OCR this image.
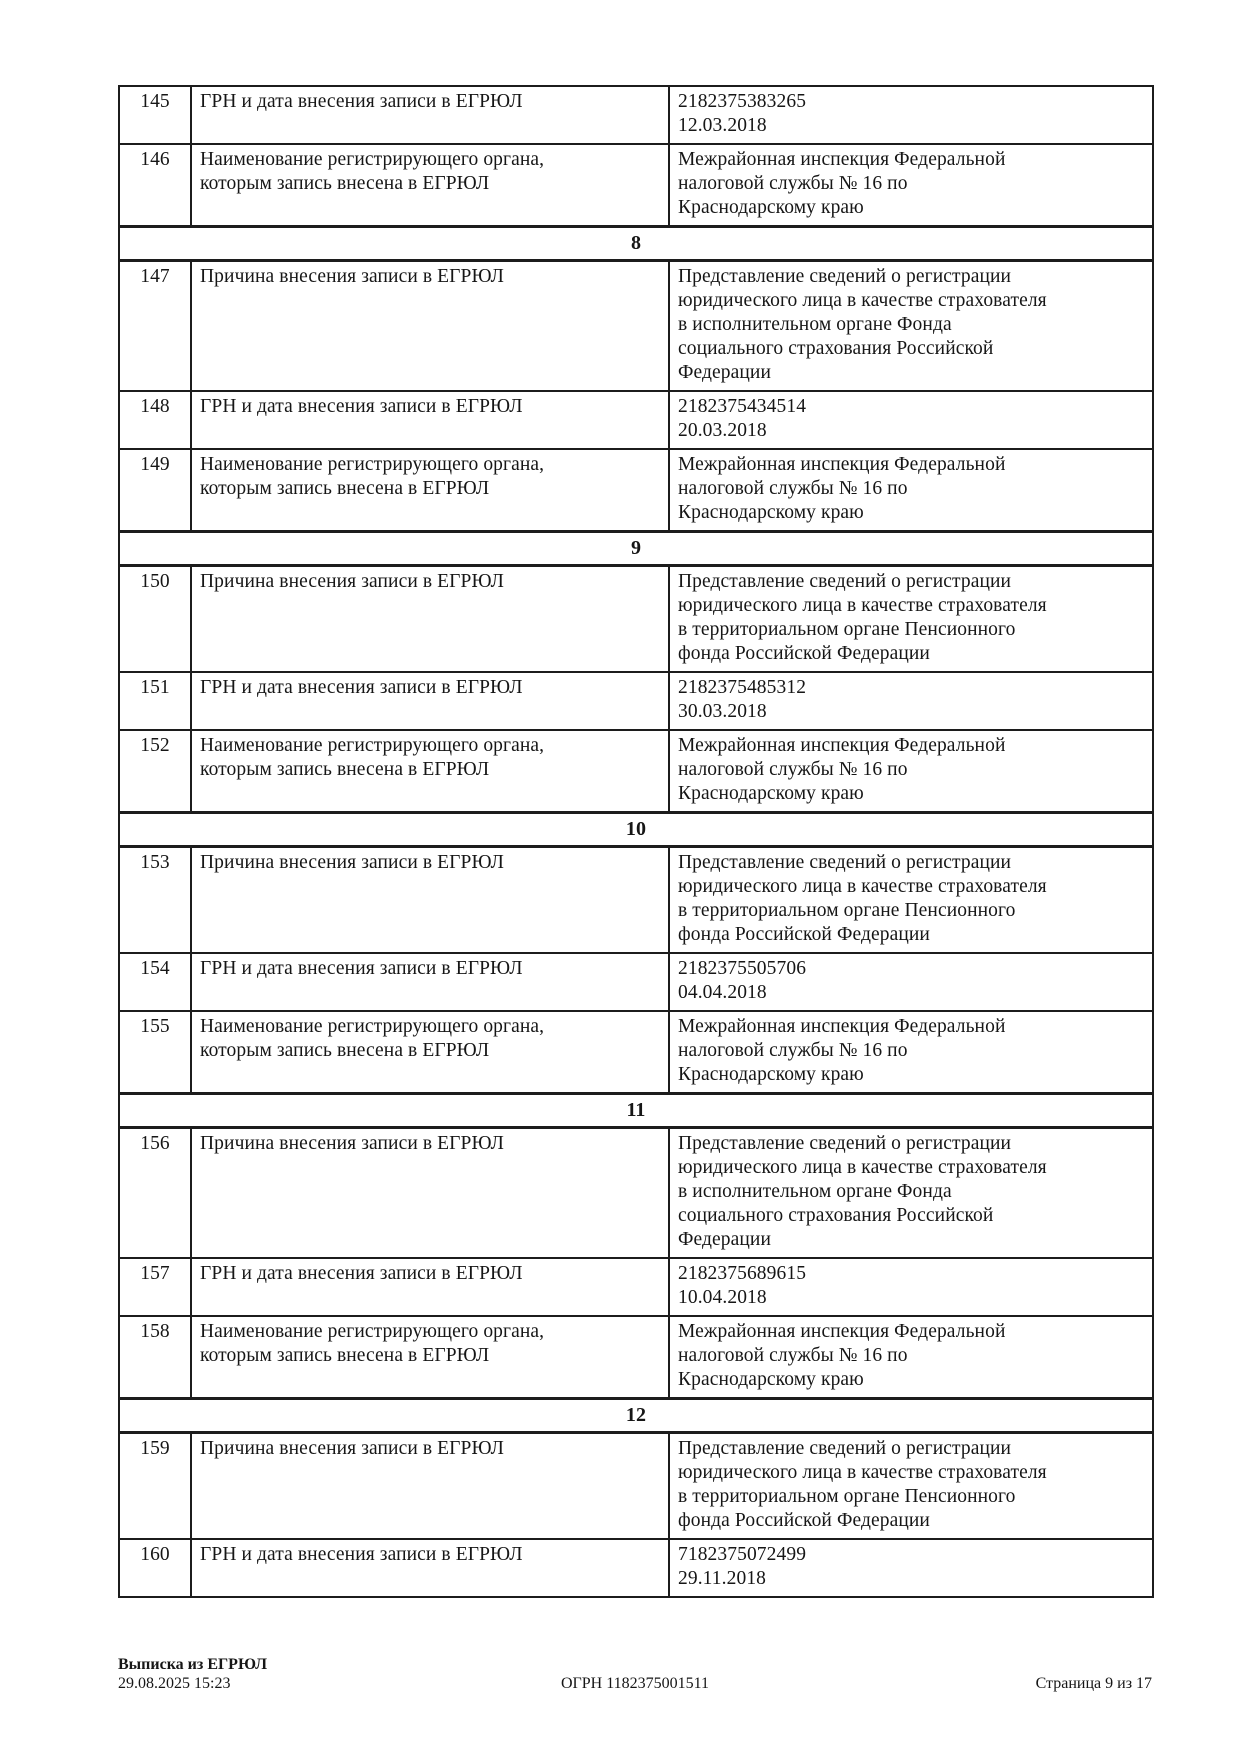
145	ГРН и дата внесения записи в ЕГРЮЛ	2182375383265
12.03.2018
146	Наименование регистрирующего органа,
которым запись внесена в ЕГРЮЛ	Межрайонная инспекция Федеральной
налоговой службы № 16 по
Краснодарскому краю
8		
147	Причина внесения записи в ЕГРЮЛ	Представление сведений о регистрации
юридического лица в качестве страхователя
в исполнительном органе Фонда
социального страхования Российской
Федерации
148	ГРН и дата внесения записи в ЕГРЮЛ	2182375434514
20.03.2018
149	Наименование регистрирующего органа,
которым запись внесена в ЕГРЮЛ	Межрайонная инспекция Федеральной
налоговой службы № 16 по
Краснодарскому краю
9		
150	Причина внесения записи в ЕГРЮЛ	Представление сведений о регистрации
юридического лица в качестве страхователя
в территориальном органе Пенсионного
фонда Российской Федерации
151	ГРН и дата внесения записи в ЕГРЮЛ	2182375485312
30.03.2018
152	Наименование регистрирующего органа,
которым запись внесена в ЕГРЮЛ	Межрайонная инспекция Федеральной
налоговой службы № 16 по
Краснодарскому краю
10		
153	Причина внесения записи в ЕГРЮЛ	Представление сведений о регистрации
юридического лица в качестве страхователя
в территориальном органе Пенсионного
фонда Российской Федерации
154	ГРН и дата внесения записи в ЕГРЮЛ	2182375505706
04.04.2018
155	Наименование регистрирующего органа,
которым запись внесена в ЕГРЮЛ	Межрайонная инспекция Федеральной
налоговой службы № 16 по
Краснодарскому краю
11		
156	Причина внесения записи в ЕГРЮЛ	Представление сведений о регистрации
юридического лица в качестве страхователя
в исполнительном органе Фонда
социального страхования Российской
Федерации
157	ГРН и дата внесения записи в ЕГРЮЛ	2182375689615
10.04.2018
158	Наименование регистрирующего органа,
которым запись внесена в ЕГРЮЛ	Межрайонная инспекция Федеральной
налоговой службы № 16 по
Краснодарскому краю
12		
159	Причина внесения записи в ЕГРЮЛ	Представление сведений о регистрации
юридического лица в качестве страхователя
в территориальном органе Пенсионного
фонда Российской Федерации
160	ГРН и дата внесения записи в ЕГРЮЛ	7182375072499
29.11.2018
Выписка из ЕГРЮЛ
29.08.2025 15:23	ОГРН 1182375001511	Страница 9 из 17
